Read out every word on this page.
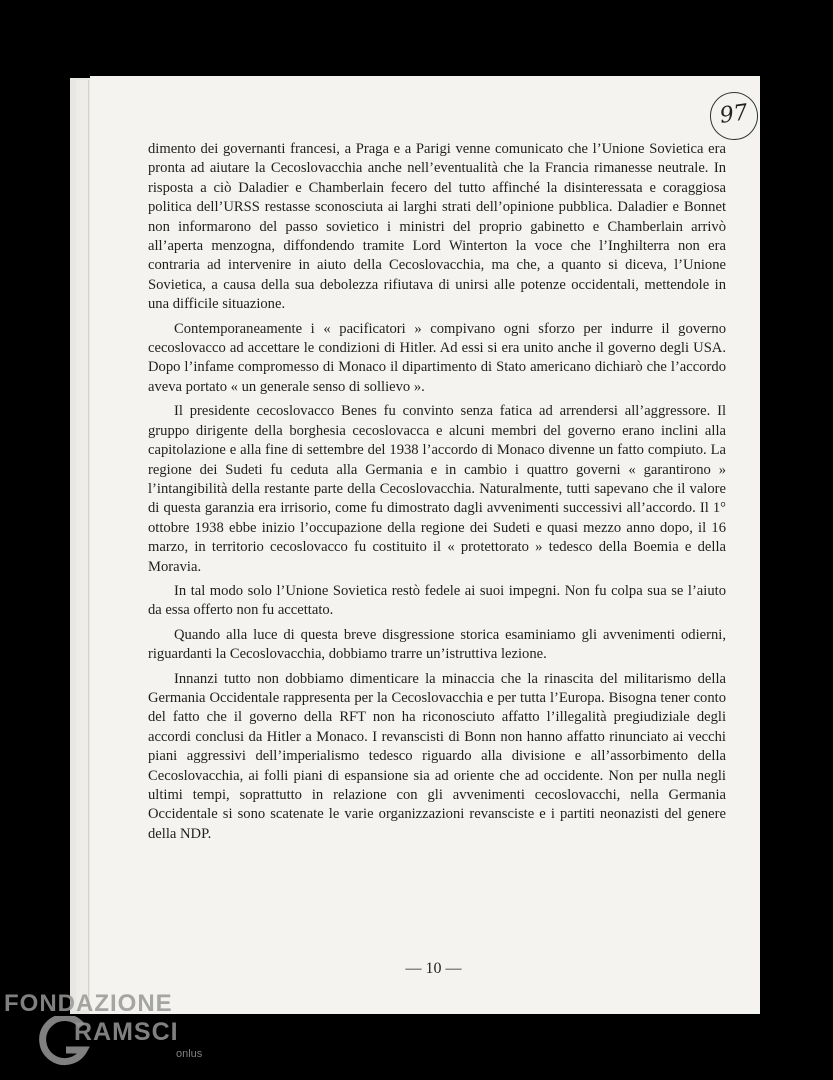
97

dimento dei governanti francesi, a Praga e a Parigi venne comunicato che l’Unione Sovietica era pronta ad aiutare la Cecoslovacchia anche nell’eventualità che la Francia rimanesse neutrale. In risposta a ciò Daladier e Chamberlain fecero del tutto affinché la disinteressata e coraggiosa politica dell’URSS restasse sconosciuta ai larghi strati dell’opinione pubblica. Daladier e Bonnet non informarono del passo sovietico i ministri del proprio gabinetto e Chamberlain arrivò all’aperta menzogna, diffondendo tramite Lord Winterton la voce che l’Inghilterra non era contraria ad intervenire in aiuto della Cecoslovacchia, ma che, a quanto si diceva, l’Unione Sovietica, a causa della sua debolezza rifiutava di unirsi alle potenze occidentali, mettendole in una difficile situazione.

Contemporaneamente i « pacificatori » compivano ogni sforzo per indurre il governo cecoslovacco ad accettare le condizioni di Hitler. Ad essi si era unito anche il governo degli USA. Dopo l’infame compromesso di Monaco il dipartimento di Stato americano dichiarò che l’accordo aveva portato « un generale senso di sollievo ».

Il presidente cecoslovacco Benes fu convinto senza fatica ad arrendersi all’aggressore. Il gruppo dirigente della borghesia cecoslovacca e alcuni membri del governo erano inclini alla capitolazione e alla fine di settembre del 1938 l’accordo di Monaco divenne un fatto compiuto. La regione dei Sudeti fu ceduta alla Germania e in cambio i quattro governi « garantirono » l’intangibilità della restante parte della Cecoslovacchia. Naturalmente, tutti sapevano che il valore di questa garanzia era irrisorio, come fu dimostrato dagli avvenimenti successivi all’accordo. Il 1° ottobre 1938 ebbe inizio l’occupazione della regione dei Sudeti e quasi mezzo anno dopo, il 16 marzo, in territorio cecoslovacco fu costituito il « protettorato » tedesco della Boemia e della Moravia.

In tal modo solo l’Unione Sovietica restò fedele ai suoi impegni. Non fu colpa sua se l’aiuto da essa offerto non fu accettato.

Quando alla luce di questa breve disgressione storica esaminiamo gli avvenimenti odierni, riguardanti la Cecoslovacchia, dobbiamo trarre un’istruttiva lezione.

Innanzi tutto non dobbiamo dimenticare la minaccia che la rinascita del militarismo della Germania Occidentale rappresenta per la Cecoslovacchia e per tutta l’Europa. Bisogna tener conto del fatto che il governo della RFT non ha riconosciuto affatto l’illegalità pregiudiziale degli accordi conclusi da Hitler a Monaco. I revanscisti di Bonn non hanno affatto rinunciato ai vecchi piani aggressivi dell’imperialismo tedesco riguardo alla divisione e all’assorbimento della Cecoslovacchia, ai folli piani di espansione sia ad oriente che ad occidente. Non per nulla negli ultimi tempi, soprattutto in relazione con gli avvenimenti cecoslovacchi, nella Germania Occidentale si sono scatenate le varie organizzazioni revansciste e i partiti neonazisti del genere della NDP.

— 10 —
FONDAZIONE
RAMSCI
onlus
